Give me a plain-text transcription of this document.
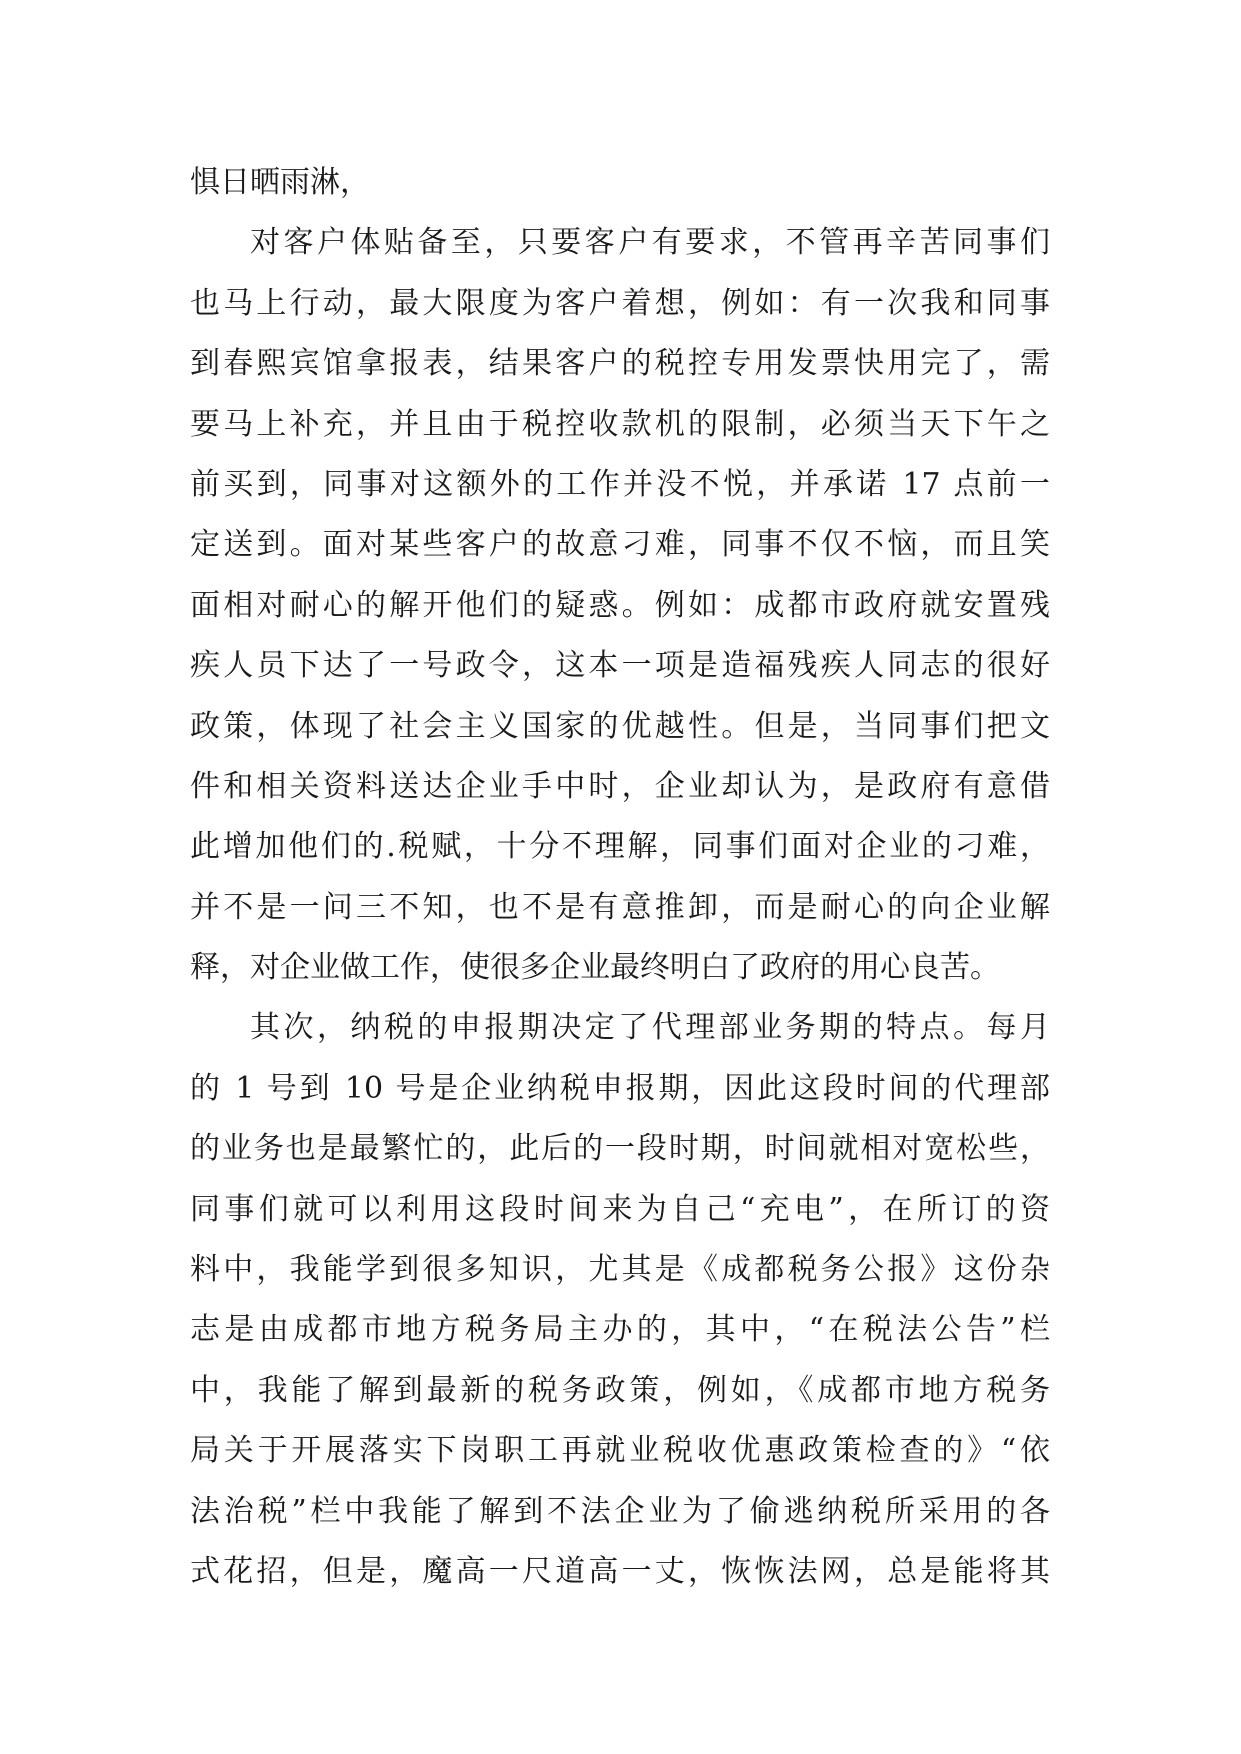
惧日晒雨淋，
对客户体贴备至，只要客户有要求，不管再辛苦同事们
也马上行动，最大限度为客户着想，例如：有一次我和同事
到春熙宾馆拿报表，结果客户的税控专用发票快用完了，需
要马上补充，并且由于税控收款机的限制，必须当天下午之
前买到，同事对这额外的工作并没不悦，并承诺 17 点前一
定送到。面对某些客户的故意刁难，同事不仅不恼，而且笑
面相对耐心的解开他们的疑惑。例如：成都市政府就安置残
疾人员下达了一号政令，这本一项是造福残疾人同志的很好
政策，体现了社会主义国家的优越性。但是，当同事们把文
件和相关资料送达企业手中时，企业却认为，是政府有意借
此增加他们的.税赋，十分不理解，同事们面对企业的刁难，
并不是一问三不知，也不是有意推卸，而是耐心的向企业解
释，对企业做工作，使很多企业最终明白了政府的用心良苦。
其次，纳税的申报期决定了代理部业务期的特点。每月
的 1 号到 10 号是企业纳税申报期，因此这段时间的代理部
的业务也是最繁忙的，此后的一段时期，时间就相对宽松些，
同事们就可以利用这段时间来为自己“充电”，在所订的资
料中，我能学到很多知识，尤其是《成都税务公报》这份杂
志是由成都市地方税务局主办的，其中，“在税法公告”栏
中，我能了解到最新的税务政策，例如，《成都市地方税务
局关于开展落实下岗职工再就业税收优惠政策检查的》“依
法治税”栏中我能了解到不法企业为了偷逃纳税所采用的各
式花招，但是，魔高一尺道高一丈，恢恢法网，总是能将其
